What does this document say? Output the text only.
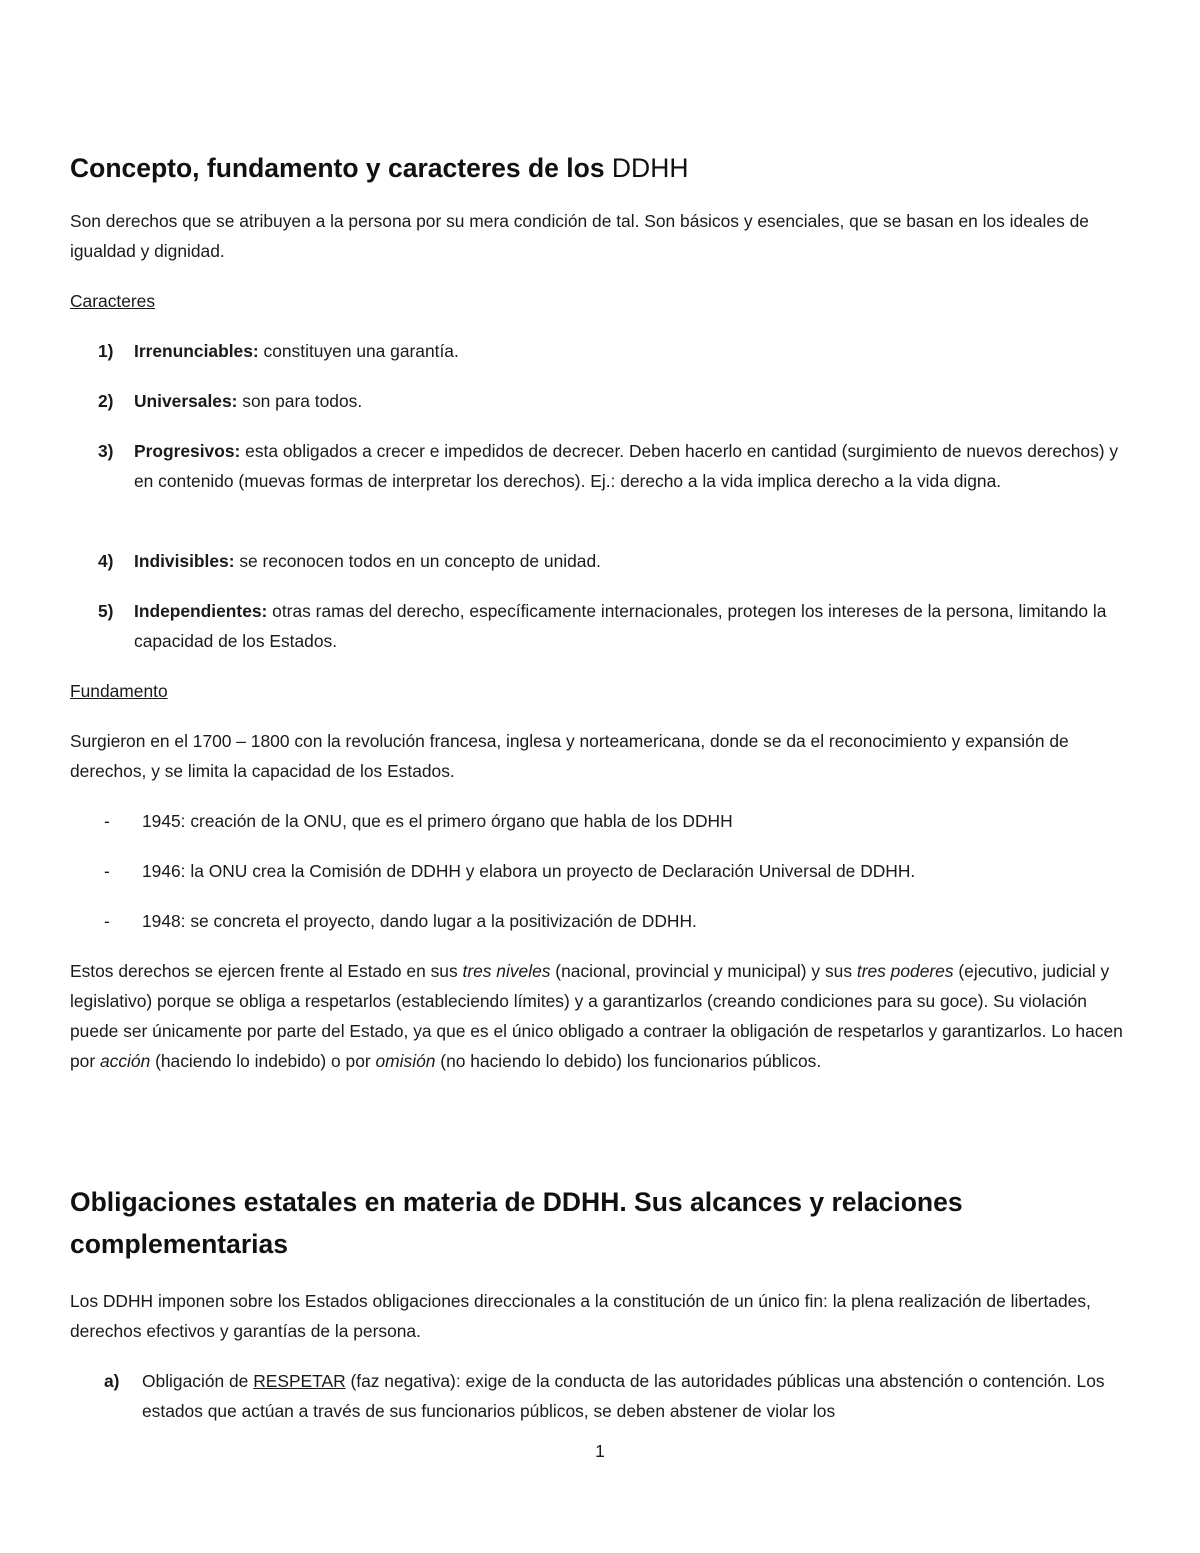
Concepto, fundamento y caracteres de los DDHH

Son derechos que se atribuyen a la persona por su mera condición de tal. Son básicos y esenciales, que se basan en los ideales de igualdad y dignidad.

Caracteres

1) Irrenunciables: constituyen una garantía.
2) Universales: son para todos.
3) Progresivos: esta obligados a crecer e impedidos de decrecer. Deben hacerlo en cantidad (surgimiento de nuevos derechos) y en contenido (muevas formas de interpretar los derechos). Ej.: derecho a la vida implica derecho a la vida digna.
4) Indivisibles: se reconocen todos en un concepto de unidad.
5) Independientes: otras ramas del derecho, específicamente internacionales, protegen los intereses de la persona, limitando la capacidad de los Estados.

Fundamento

Surgieron en el 1700 – 1800 con la revolución francesa, inglesa y norteamericana, donde se da el reconocimiento y expansión de derechos, y se limita la capacidad de los Estados.

- 1945: creación de la ONU, que es el primero órgano que habla de los DDHH
- 1946: la ONU crea la Comisión de DDHH y elabora un proyecto de Declaración Universal de DDHH.
- 1948: se concreta el proyecto, dando lugar a la positivización de DDHH.

Estos derechos se ejercen frente al Estado en sus tres niveles (nacional, provincial y municipal) y sus tres poderes (ejecutivo, judicial y legislativo) porque se obliga a respetarlos (estableciendo límites) y a garantizarlos (creando condiciones para su goce). Su violación puede ser únicamente por parte del Estado, ya que es el único obligado a contraer la obligación de respetarlos y garantizarlos. Lo hacen por acción (haciendo lo indebido) o por omisión (no haciendo lo debido) los funcionarios públicos.

Obligaciones estatales en materia de DDHH. Sus alcances y relaciones complementarias

Los DDHH imponen sobre los Estados obligaciones direccionales a la constitución de un único fin: la plena realización de libertades, derechos efectivos y garantías de la persona.

a) Obligación de RESPETAR (faz negativa): exige de la conducta de las autoridades públicas una abstención o contención. Los estados que actúan a través de sus funcionarios públicos, se deben abstener de violar los
1
